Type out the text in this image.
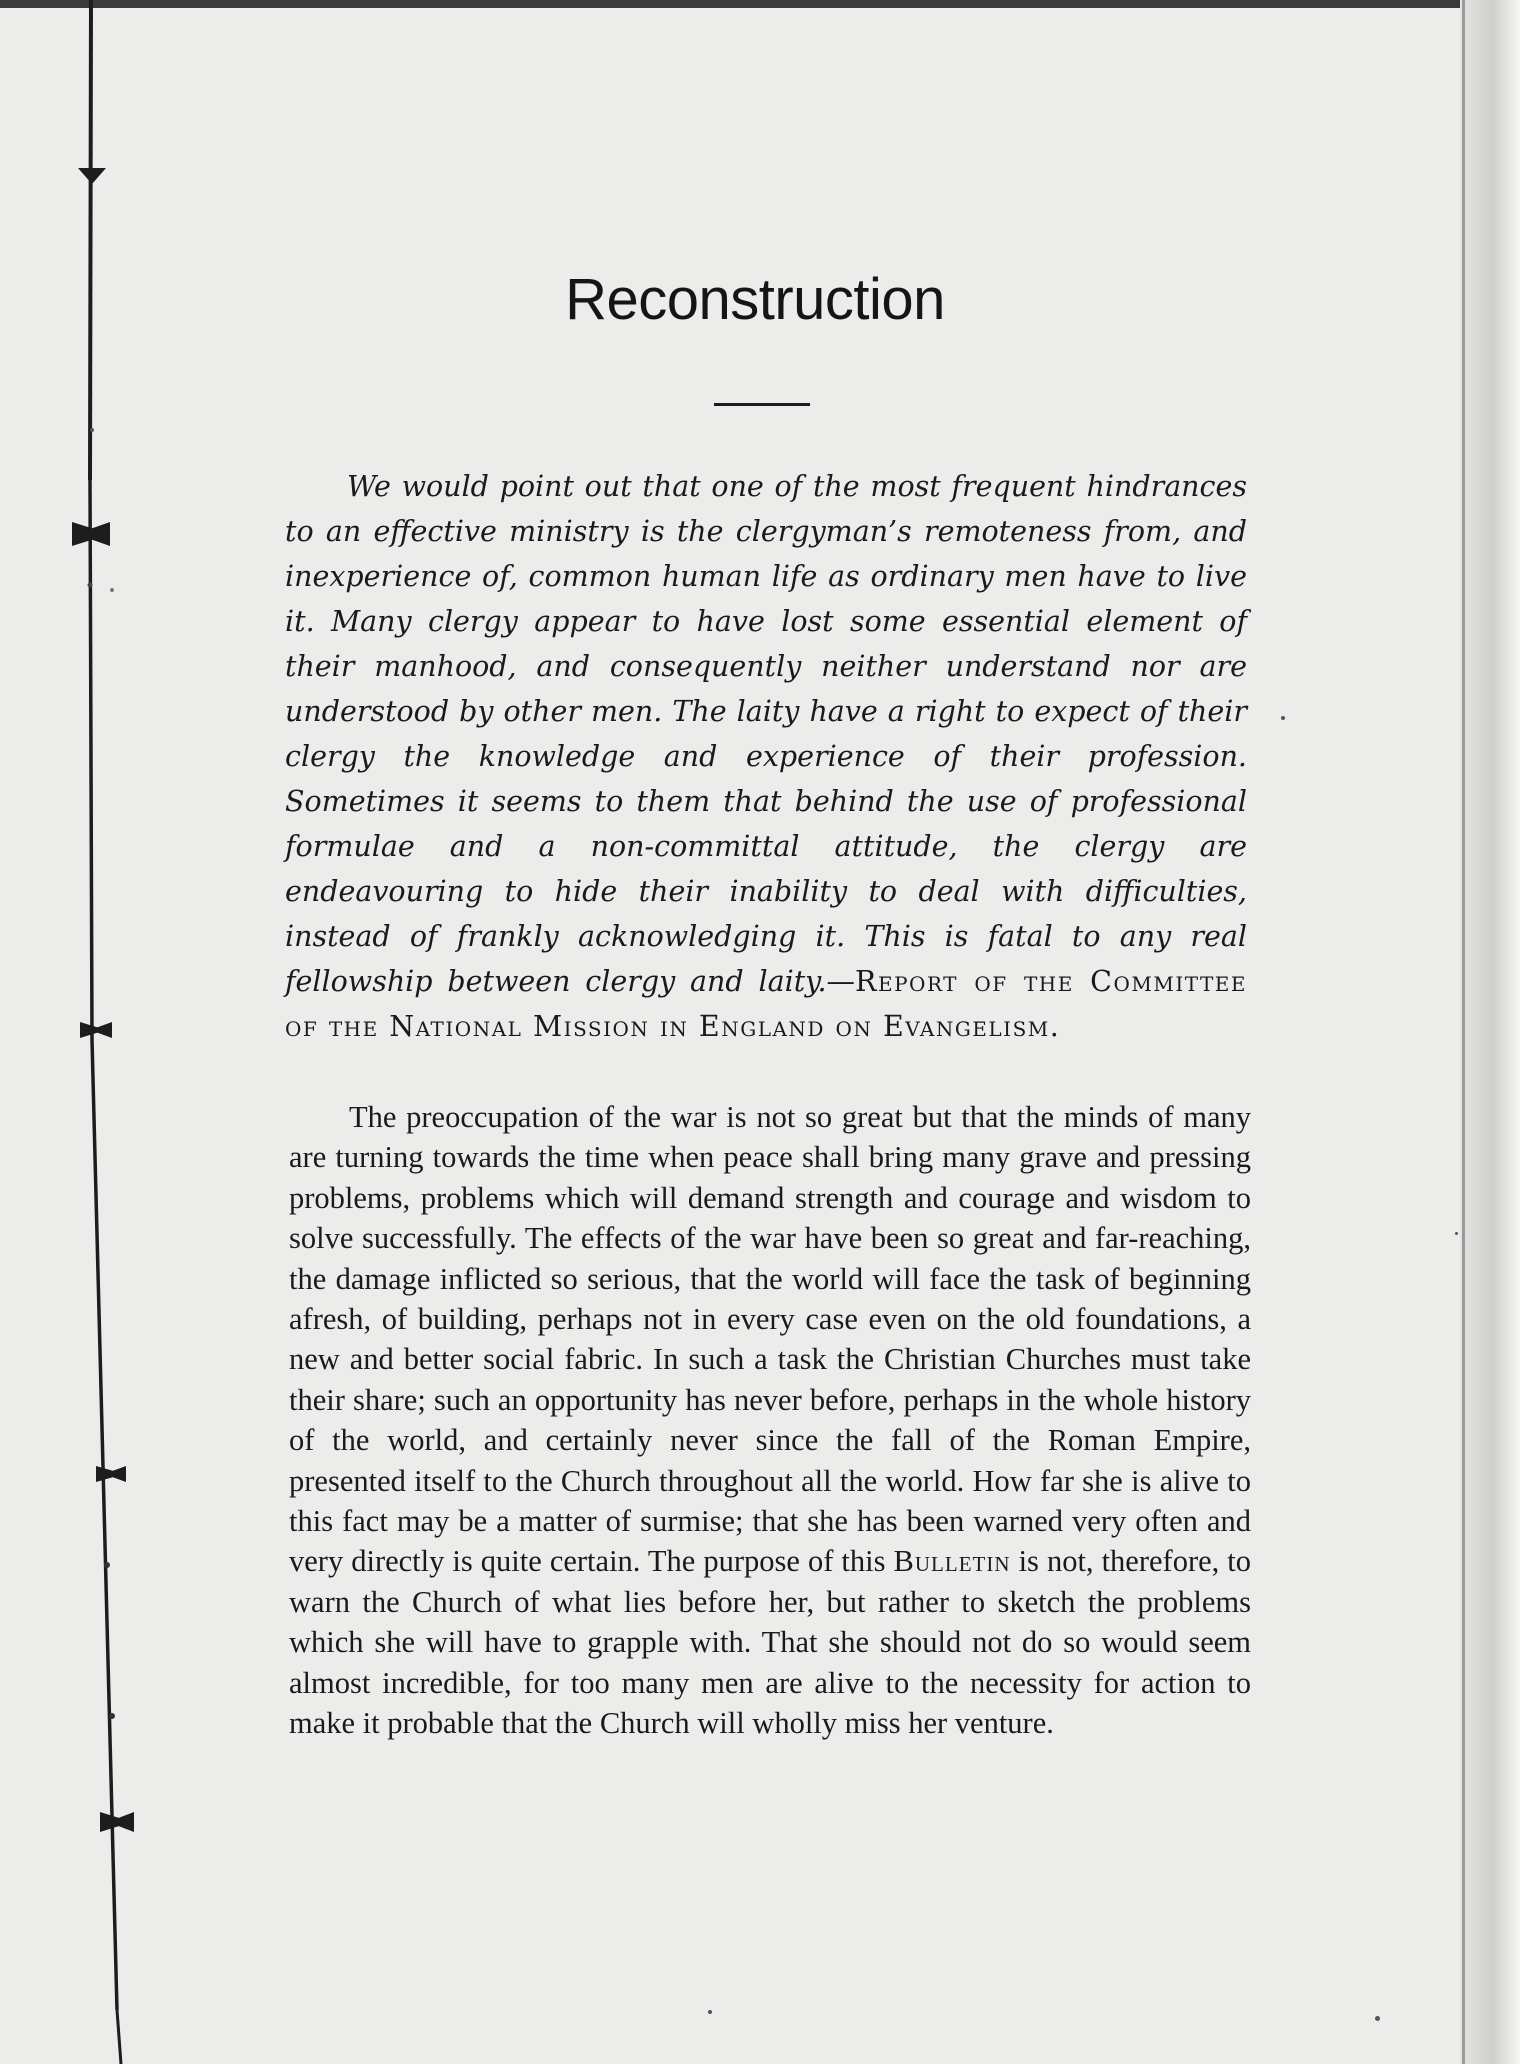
Reconstruction

We would point out that one of the most frequent hindrances to an effective ministry is the clergyman’s remoteness from, and inexperience of, common human life as ordinary men have to live it. Many clergy appear to have lost some essential element of their manhood, and consequently neither understand nor are understood by other men. The laity have a right to expect of their clergy the knowledge and experience of their profession. Sometimes it seems to them that behind the use of professional formulae and a non-committal attitude, the clergy are endeavouring to hide their inability to deal with difficulties, instead of frankly acknowledging it. This is fatal to any real fellowship between clergy and laity.—Report of the Committee of the National Mission in England on Evangelism.

The preoccupation of the war is not so great but that the minds of many are turning towards the time when peace shall bring many grave and pressing problems, problems which will demand strength and courage and wisdom to solve successfully. The effects of the war have been so great and far-reaching, the damage inflicted so serious, that the world will face the task of beginning afresh, of building, perhaps not in every case even on the old foundations, a new and better social fabric. In such a task the Christian Churches must take their share; such an opportunity has never before, perhaps in the whole history of the world, and certainly never since the fall of the Roman Empire, presented itself to the Church throughout all the world. How far she is alive to this fact may be a matter of surmise; that she has been warned very often and very directly is quite certain. The purpose of this Bulletin is not, therefore, to warn the Church of what lies before her, but rather to sketch the problems which she will have to grapple with. That she should not do so would seem almost incredible, for too many men are alive to the necessity for action to make it probable that the Church will wholly miss her venture.
